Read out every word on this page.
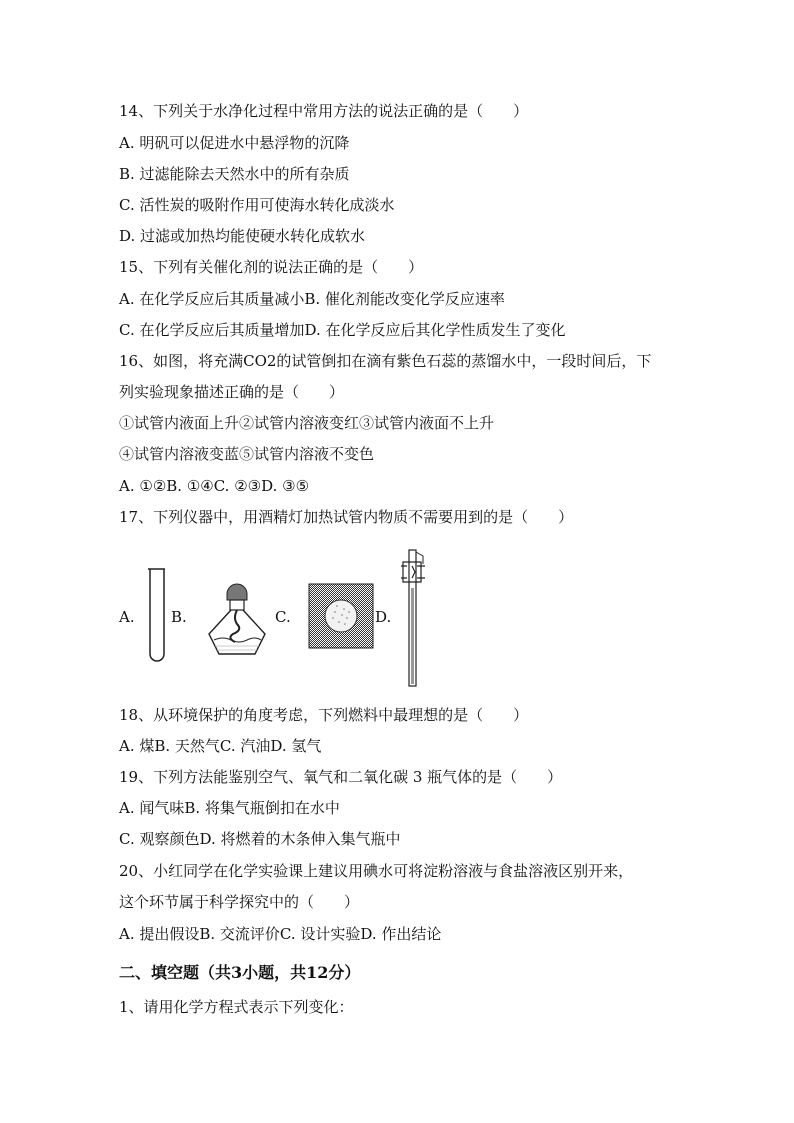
14、下列关于水净化过程中常用方法的说法正确的是（　　）
A. 明矾可以促进水中悬浮物的沉降
B. 过滤能除去天然水中的所有杂质
C. 活性炭的吸附作用可使海水转化成淡水
D. 过滤或加热均能使硬水转化成软水
15、下列有关催化剂的说法正确的是（　　）
A. 在化学反应后其质量减小B. 催化剂能改变化学反应速率
C. 在化学反应后其质量增加D. 在化学反应后其化学性质发生了变化
16、如图，将充满CO2的试管倒扣在滴有紫色石蕊的蒸馏水中，一段时间后，下
列实验现象描述正确的是（　　）
①试管内液面上升②试管内溶液变红③试管内液面不上升
④试管内溶液变蓝⑤试管内溶液不变色
A. ①②B. ①④C. ②③D. ③⑤
17、下列仪器中，用酒精灯加热试管内物质不需要用到的是（　　）
A. B.	C.	D.
18、从环境保护的角度考虑，下列燃料中最理想的是（　　）
A. 煤B. 天然气C. 汽油D. 氢气
19、下列方法能鉴别空气、氧气和二氧化碳 3 瓶气体的是（　　）
A. 闻气味B. 将集气瓶倒扣在水中
C. 观察颜色D. 将燃着的木条伸入集气瓶中
20、小红同学在化学实验课上建议用碘水可将淀粉溶液与食盐溶液区别开来，
这个环节属于科学探究中的（　　）
A. 提出假设B. 交流评价C. 设计实验D. 作出结论
二、填空题（共3小题，共12分）
1、请用化学方程式表示下列变化：
